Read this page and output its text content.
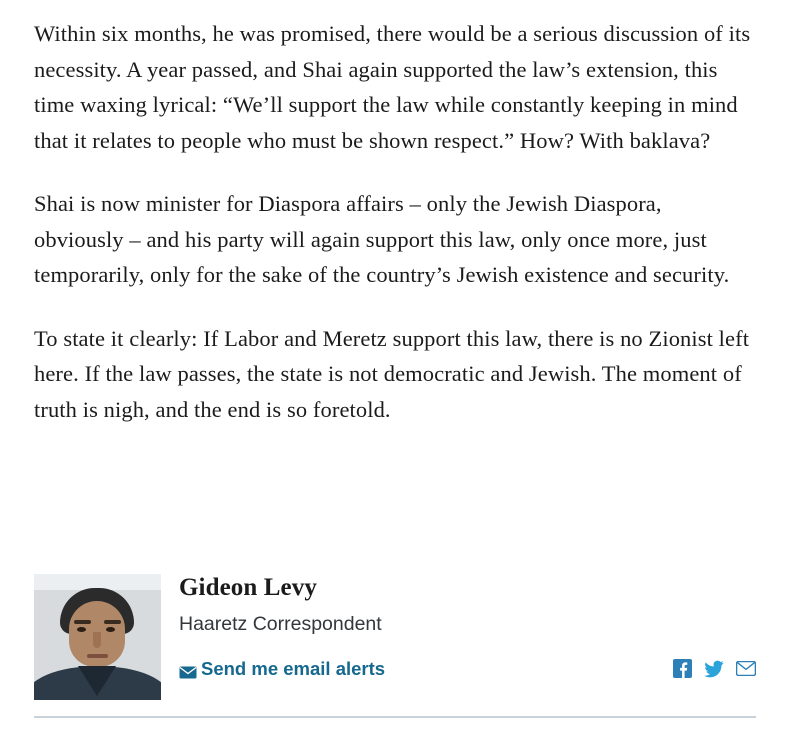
Within six months, he was promised, there would be a serious discussion of its necessity. A year passed, and Shai again supported the law’s extension, this time waxing lyrical: “We’ll support the law while constantly keeping in mind that it relates to people who must be shown respect.” How? With baklava?

Shai is now minister for Diaspora affairs – only the Jewish Diaspora, obviously – and his party will again support this law, only once more, just temporarily, only for the sake of the country’s Jewish existence and security.

To state it clearly: If Labor and Meretz support this law, there is no Zionist left here. If the law passes, the state is not democratic and Jewish. The moment of truth is nigh, and the end is so foretold.

Gideon Levy
Haaretz Correspondent
Send me email alerts
